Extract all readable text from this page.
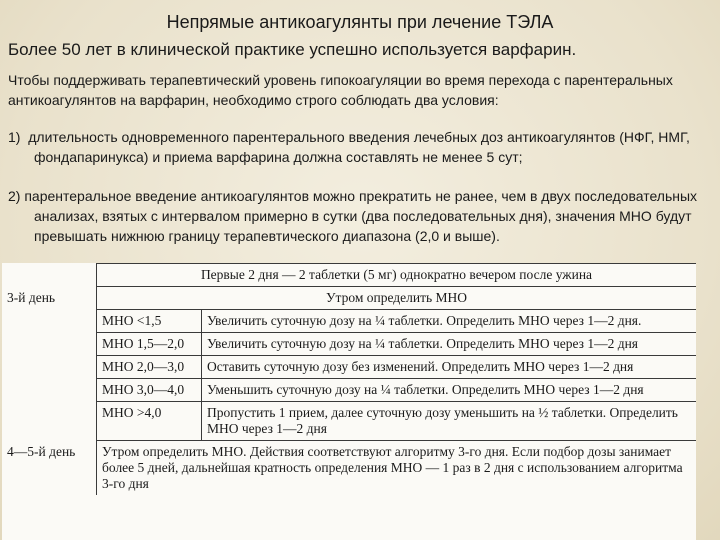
Непрямые антикоагулянты при лечение ТЭЛА
Более 50 лет в клинической практике успешно используется варфарин.
Чтобы поддерживать терапевтический уровень гипокоагуляции во время перехода с парентеральных антикоагулянтов на варфарин, необходимо строго соблюдать два условия:
1) длительность одновременного парентерального введения лечебных доз антикоагулянтов (НФГ, НМГ, фондапаринукса) и приема варфарина должна составлять не менее 5 сут;
2) парентеральное введение антикоагулянтов можно прекратить не ранее, чем в двух последовательных анализах, взятых с интервалом примерно в сутки (два последовательных дня), значения МНО будут превышать нижнюю границу терапевтического диапазона (2,0 и выше).
	Первые 2 дня — 2 таблетки (5 мг) однократно вечером после ужина	
3-й день	Утром определить МНО	
	МНО <1,5	Увеличить суточную дозу на ¼ таблетки. Определить МНО через 1—2 дня.
	МНО 1,5—2,0	Увеличить суточную дозу на ¼ таблетки. Определить МНО через 1—2 дня
	МНО 2,0—3,0	Оставить суточную дозу без изменений. Определить МНО через 1—2 дня
	МНО 3,0—4,0	Уменьшить суточную дозу на ¼ таблетки. Определить МНО через 1—2 дня
	МНО >4,0	Пропустить 1 прием, далее суточную дозу уменьшить на ½ таблетки. Определить МНО через 1—2 дня
4—5-й день	Утром определить МНО. Действия соответствуют алгоритму 3-го дня. Если подбор дозы занимает более 5 дней, дальнейшая кратность определения МНО — 1 раз в 2 дня с использованием алгоритма 3-го дня	
